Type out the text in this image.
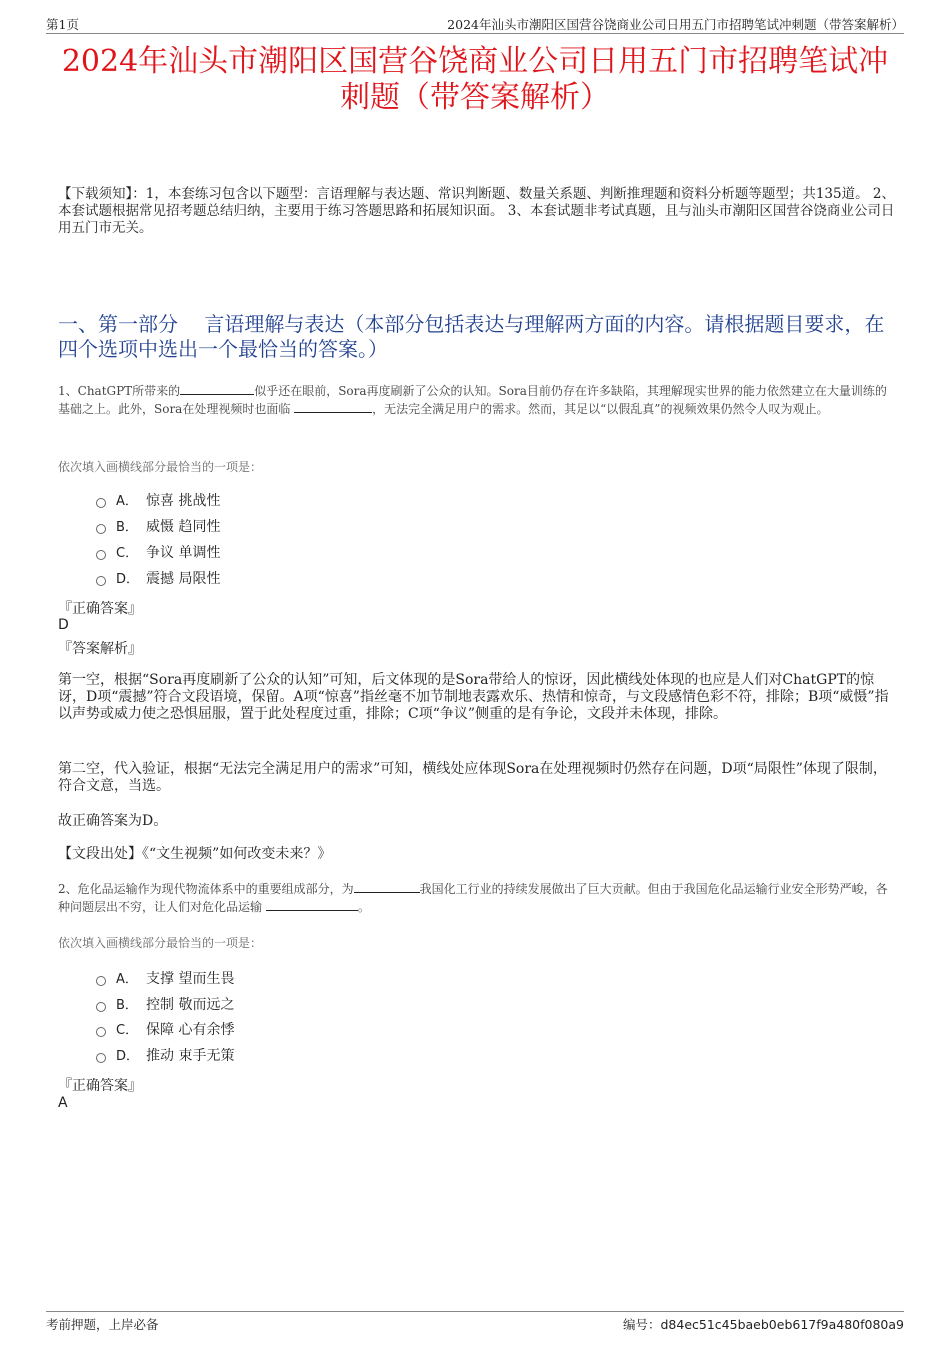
第1页	2024年汕头市潮阳区国营谷饶商业公司日用五门市招聘笔试冲刺题（带答案解析）
2024年汕头市潮阳区国营谷饶商业公司日用五门市招聘笔试冲
刺题（带答案解析）
【下载须知】：1，本套练习包含以下题型：言语理解与表达题、常识判断题、数量关系题、判断推理题和资料分析题等题型；共135道。 2、本套试题根据常见招考题总结归纳，主要用于练习答题思路和拓展知识面。 3、本套试题非考试真题，且与汕头市潮阳区国营谷饶商业公司日用五门市无关。
一、第一部分　 言语理解与表达（本部分包括表达与理解两方面的内容。请根据题目要求，在四个选项中选出一个最恰当的答案。）
1、ChatGPT所带来的	似乎还在眼前，Sora再度刷新了公众的认知。Sora目前仍存在许多缺陷，其理解现实世界的能力依然建立在大量训练的基础之上。此外，Sora在处理视频时也面临	，无法完全满足用户的需求。然而，其足以“以假乱真”的视频效果仍然令人叹为观止。
依次填入画横线部分最恰当的一项是：
A． 惊喜 挑战性
B． 威慑 趋同性
C． 争议 单调性
D． 震撼 局限性
『正确答案』
D
『答案解析』
第一空，根据“Sora再度刷新了公众的认知”可知，后文体现的是Sora带给人的惊讶，因此横线处体现的也应是人们对ChatGPT的惊讶，D项“震撼”符合文段语境，保留。A项“惊喜”指丝毫不加节制地表露欢乐、热情和惊奇，与文段感情色彩不符，排除；B项“威慑”指以声势或威力使之恐惧屈服，置于此处程度过重，排除；C项“争议”侧重的是有争论，文段并未体现，排除。
第二空，代入验证，根据“无法完全满足用户的需求”可知，横线处应体现Sora在处理视频时仍然存在问题，D项“局限性”体现了限制，符合文意，当选。
故正确答案为D。
【文段出处】《“文生视频”如何改变未来？》
2、危化品运输作为现代物流体系中的重要组成部分，为	我国化工行业的持续发展做出了巨大贡献。但由于我国危化品运输行业安全形势严峻，各种问题层出不穷，让人们对危化品运输	。
依次填入画横线部分最恰当的一项是：
A． 支撑 望而生畏
B． 控制 敬而远之
C． 保障 心有余悸
D． 推动 束手无策
『正确答案』
A
考前押题，上岸必备	编号：d84ec51c45baeb0eb617f9a480f080a9
